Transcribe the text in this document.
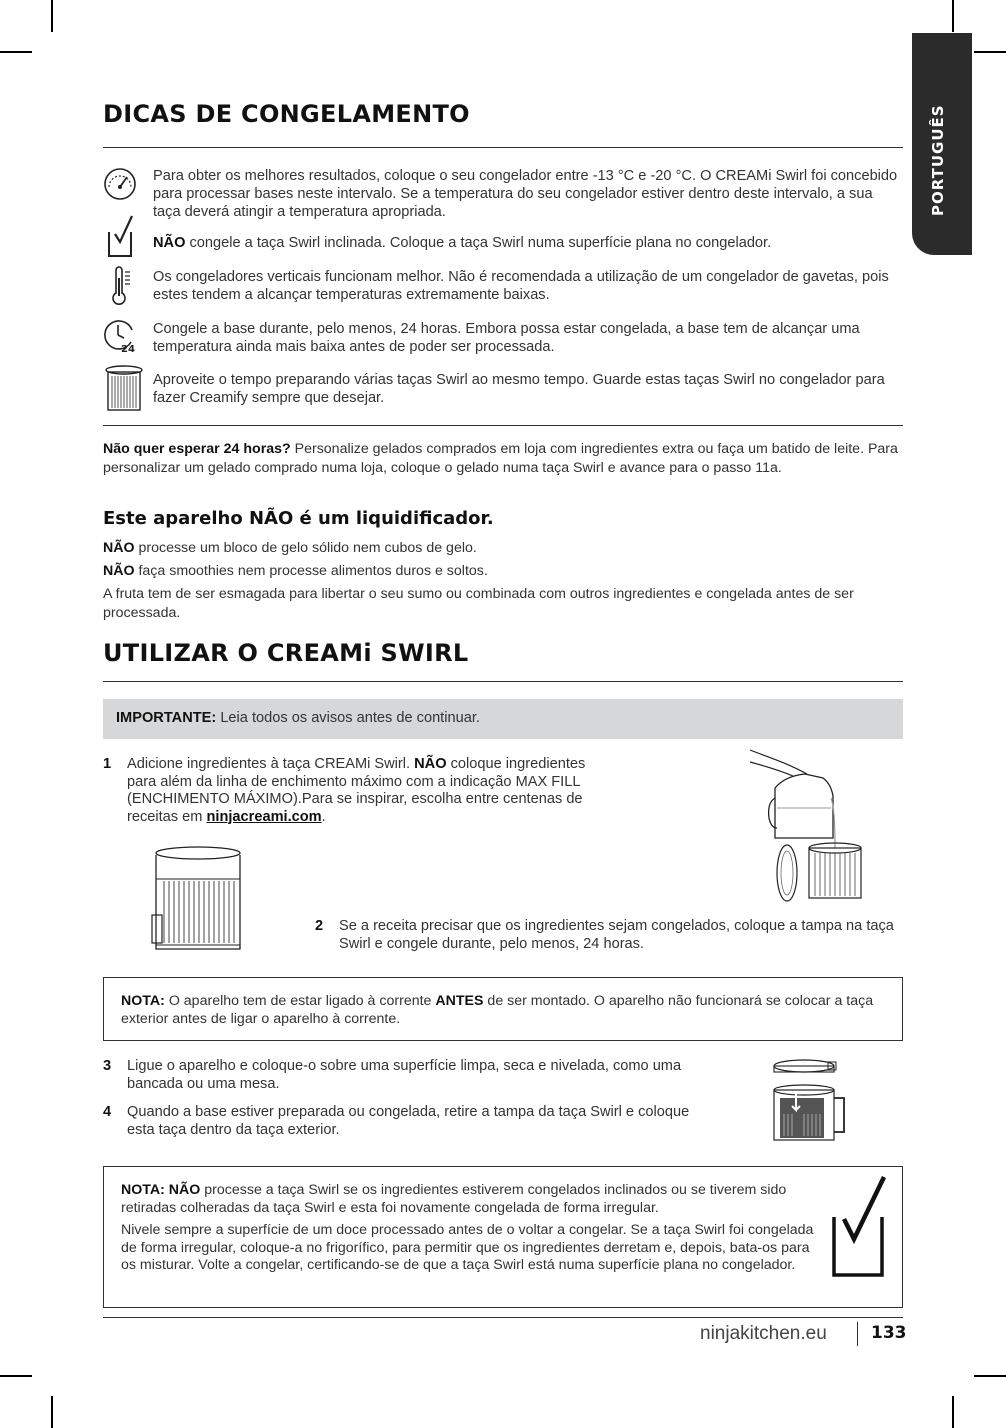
PORTUGUÊS
DICAS DE CONGELAMENTO
Para obter os melhores resultados, coloque o seu congelador entre -13 °C e -20 °C. O CREAMi Swirl foi concebido para processar bases neste intervalo. Se a temperatura do seu congelador estiver dentro deste intervalo, a sua taça deverá atingir a temperatura apropriada.
NÃO congele a taça Swirl inclinada. Coloque a taça Swirl numa superfície plana no congelador.
Os congeladores verticais funcionam melhor. Não é recomendada a utilização de um congelador de gavetas, pois estes tendem a alcançar temperaturas extremamente baixas.
24
Congele a base durante, pelo menos, 24 horas. Embora possa estar congelada, a base tem de alcançar uma temperatura ainda mais baixa antes de poder ser processada.
Aproveite o tempo preparando várias taças Swirl ao mesmo tempo. Guarde estas taças Swirl no congelador para fazer Creamify sempre que desejar.
Não quer esperar 24 horas? Personalize gelados comprados em loja com ingredientes extra ou faça um batido de leite. Para personalizar um gelado comprado numa loja, coloque o gelado numa taça Swirl e avance para o passo 11a.
Este aparelho NÃO é um liquidificador.
NÃO processe um bloco de gelo sólido nem cubos de gelo.
NÃO faça smoothies nem processe alimentos duros e soltos.
A fruta tem de ser esmagada para libertar o seu sumo ou combinada com outros ingredientes e congelada antes de ser processada.
UTILIZAR O CREAMi SWIRL
IMPORTANTE: Leia todos os avisos antes de continuar.
1 Adicione ingredientes à taça CREAMi Swirl. NÃO coloque ingredientes para além da linha de enchimento máximo com a indicação MAX FILL (ENCHIMENTO MÁXIMO).Para se inspirar, escolha entre centenas de receitas em ninjacreami.com.
2 Se a receita precisar que os ingredientes sejam congelados, coloque a tampa na taça Swirl e congele durante, pelo menos, 24 horas.
NOTA: O aparelho tem de estar ligado à corrente ANTES de ser montado. O aparelho não funcionará se colocar a taça exterior antes de ligar o aparelho à corrente.
3 Ligue o aparelho e coloque-o sobre uma superfície limpa, seca e nivelada, como uma bancada ou uma mesa.
4 Quando a base estiver preparada ou congelada, retire a tampa da taça Swirl e coloque esta taça dentro da taça exterior.
NOTA: NÃO processe a taça Swirl se os ingredientes estiverem congelados inclinados ou se tiverem sido retiradas colheradas da taça Swirl e esta foi novamente congelada de forma irregular.
Nivele sempre a superfície de um doce processado antes de o voltar a congelar. Se a taça Swirl foi congelada de forma irregular, coloque-a no frigorífico, para permitir que os ingredientes derretam e, depois, bata-os para os misturar. Volte a congelar, certificando-se de que a taça Swirl está numa superfície plana no congelador.
ninjakitchen.eu	133
